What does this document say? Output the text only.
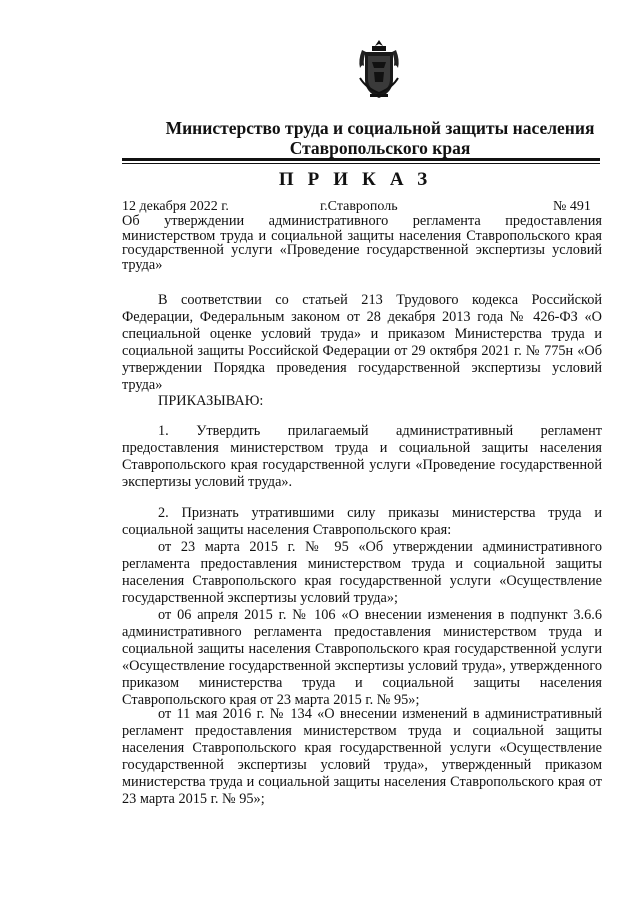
Министерство труда и социальной защиты населения
Ставропольского края
ПРИКАЗ
12 декабря 2022 г.	г.Ставрополь	№ 491

Об утверждении административного регламента предоставления министерством труда и социальной защиты населения Ставропольского края государственной услуги «Проведение государственной экспертизы условий труда»

В соответствии со статьей 213 Трудового кодекса Российской Федерации, Федеральным законом от 28 декабря 2013 года № 426-ФЗ «О специальной оценке условий труда» и приказом Министерства труда и социальной защиты Российской Федерации от 29 октября 2021 г. № 775н «Об утверждении Порядка проведения государственной экспертизы условий труда»

ПРИКАЗЫВАЮ:

1. Утвердить прилагаемый административный регламент предоставления министерством труда и социальной защиты населения Ставропольского края государственной услуги «Проведение государственной экспертизы условий труда».

2. Признать утратившими силу приказы министерства труда и социальной защиты населения Ставропольского края:

от 23 марта 2015 г. № 95 «Об утверждении административного регламента предоставления министерством труда и социальной защиты населения Ставропольского края государственной услуги «Осуществление государственной экспертизы условий труда»;

от 06 апреля 2015 г. № 106 «О внесении изменения в подпункт 3.6.6 административного регламента предоставления министерством труда и социальной защиты населения Ставропольского края государственной услуги «Осуществление государственной экспертизы условий труда», утвержденного приказом министерства труда и социальной защиты населения Ставропольского края от 23 марта 2015 г. № 95»;

от 11 мая 2016 г. № 134 «О внесении изменений в административный регламент предоставления министерством труда и социальной защиты населения Ставропольского края государственной услуги «Осуществление государственной экспертизы условий труда», утвержденный приказом министерства труда и социальной защиты населения Ставропольского края от 23 марта 2015 г. № 95»;
